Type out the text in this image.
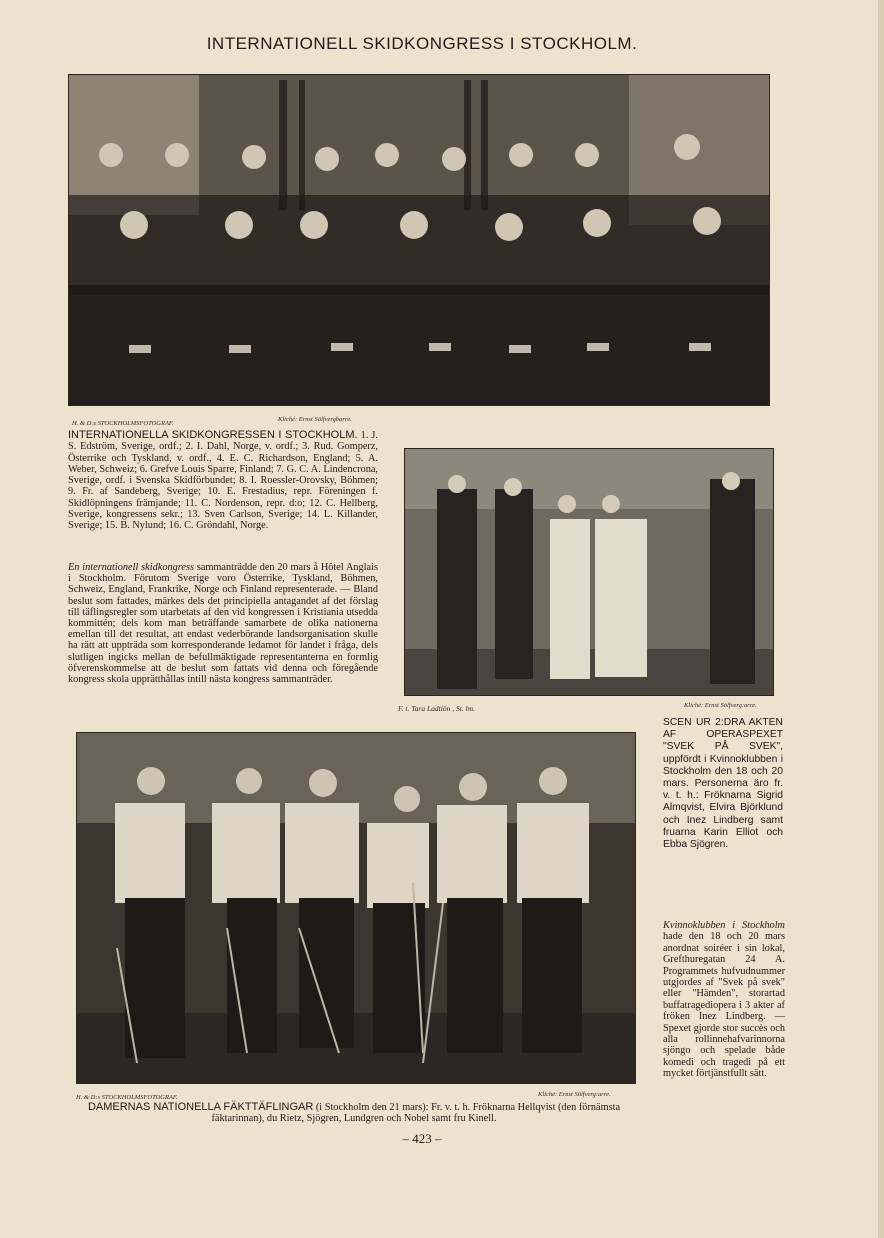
INTERNATIONELL SKIDKONGRESS I STOCKHOLM.
H. & D:s STOCKHOLMSFOTOGRAF.
Kliché: Ernst Sölfvergbarre.
INTERNATIONELLA SKIDKONGRESSEN I STOCKHOLM. 1. J. S. Edström, Sverige, ordf.; 2. I. Dahl, Norge, v. ordf.; 3. Rud. Gomperz, Österrike och Tyskland, v. ordf., 4. E. C. Richardson, England; 5. A. Weber, Schweiz; 6. Grefve Louis Sparre, Finland; 7. G. C. A. Lindencrona, Sverige, ordf. i Svenska Skidförbundet; 8. I. Roessler-Orovsky, Böhmen; 9. Fr. af Sandeberg, Sverige; 10. E. Frestadius, repr. Föreningen f. Skidlöpningens främjande; 11. C. Nordenson, repr. d:o; 12. C. Hellberg, Sverige, kongressens sekr.; 13. Sven Carlson, Sverige; 14. L. Killander, Sverige; 15. B. Nylund; 16. C. Gröndahl, Norge.
En internationell skidkongress sammanträdde den 20 mars å Hôtel Anglais i Stockholm. Förutom Sverige voro Österrike, Tyskland, Böhmen, Schweiz, England, Frankrike, Norge och Finland representerade. — Bland beslut som fattades, märkes dels det principiella antagandet af det förslag till täflingsregler som utarbetats af den vid kongressen i Kristiania utsedda kommittén; dels kom man beträffande samarbete de olika nationerna emellan till det resultat, att endast vederbörande landsorganisation skulle ha rätt att uppträda som korresponderande ledamot för landet i fråga, dels slutligen ingicks mellan de befullmäktigade representanterna en formlig öfverenskommelse att de beslut som fattats vid denna och föregående kongress skola upprätthållas intill nästa kongress sammanträder.
F. t. Tara Ladtiön , St. lm.	Klichė: Ernst Sölfverg:arre.
SCEN UR 2:DRA AKTEN AF OPERASPEXET "SVEK PÅ SVEK", uppfördt i Kvinnoklubben i Stockholm den 18 och 20 mars. Personerna äro fr. v. t. h.: Fröknarna Sigrid Almqvist, Elvira Björklund och Inez Lindberg samt fruarna Karin Elliot och Ebba Sjögren.
Kvinnoklubben i Stockholm hade den 18 och 20 mars anordnat soiréer i sin lokal, Grefthuregatan 24 A. Programmets hufvudnummer utgjordes af "Svek på svek" eller "Hämden", storartad buffatragediopera i 3 akter af fröken Inez Lindberg. — Spexet gjorde stor succès och alla rollinnehafvarinnorna sjöngo och spelade både komedi och tragedi på ett mycket förtjänstfullt sätt.
H. & D:s STOCKHOLMSFOTOGRAF.	Klichė: Ernst Sölfverg:arre.
DAMERNAS NATIONELLA FÄKTTÄFLINGAR (i Stockholm den 21 mars): Fr. v. t. h. Fröknarna Hellqvist (den förnämsta fäktarinnan), du Rietz, Sjögren, Lundgren och Nobel samt fru Kinell.
– 423 –
